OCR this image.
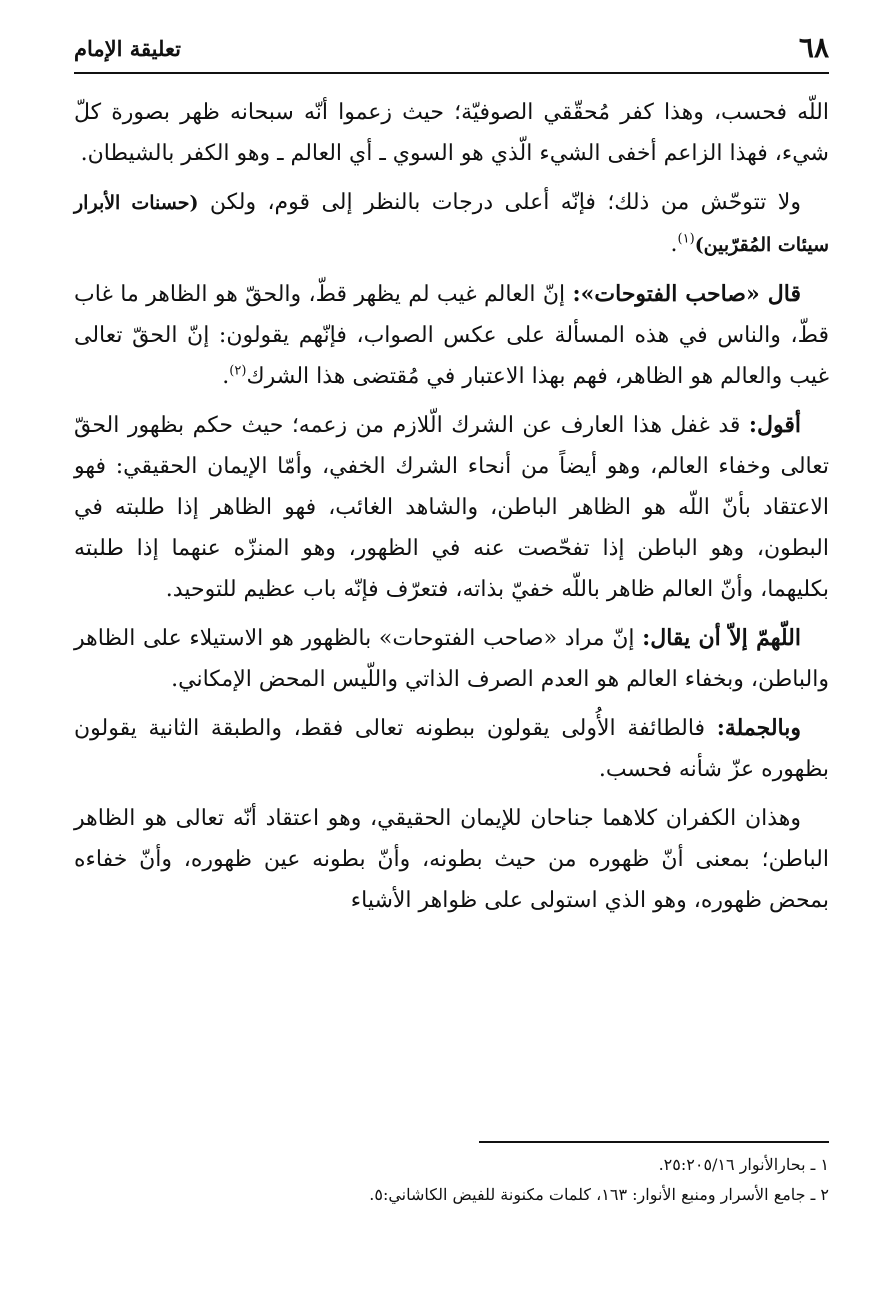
٦٨
تعليقة الإمام

اللّه فحسب، وهذا كفر مُحقّقي الصوفيّة؛ حيث زعموا أنّه سبحانه ظهر بصورة كلّ شيء، فهذا الزاعم أخفى الشيء الّذي هو السوي ـ أي العالم ـ وهو الكفر بالشيطان.

ولا تتوحّش من ذلك؛ فإنّه أعلى درجات بالنظر إلى قوم، ولكن (حسنات الأبرار سيئات المُقرّبين)$^{(١)}$.

قال «صاحب الفتوحات»: إنّ العالم غيب لم يظهر قطّ، والحقّ هو الظاهر ما غاب قطّ، والناس في هذه المسألة على عكس الصواب، فإنّهم يقولون: إنّ الحقّ تعالى غيب والعالم هو الظاهر، فهم بهذا الاعتبار في مُقتضى هذا الشرك$^{(٢)}$.

أقول: قد غفل هذا العارف عن الشرك الّلازم من زعمه؛ حيث حكم بظهور الحقّ تعالى وخفاء العالم، وهو أيضاً من أنحاء الشرك الخفي، وأمّا الإيمان الحقيقي: فهو الاعتقاد بأنّ اللّه هو الظاهر الباطن، والشاهد الغائب، فهو الظاهر إذا طلبته في البطون، وهو الباطن إذا تفحّصت عنه في الظهور، وهو المنزّه عنهما إذا طلبته بكليهما، وأنّ العالم ظاهر باللّه خفيّ بذاته، فتعرّف فإنّه باب عظيم للتوحيد.

اللّهمّ إلاّ أن يقال: إنّ مراد «صاحب الفتوحات» بالظهور هو الاستيلاء على الظاهر والباطن، وبخفاء العالم هو العدم الصرف الذاتي واللّيس المحض الإمكاني.

وبالجملة: فالطائفة الأُولى يقولون ببطونه تعالى فقط، والطبقة الثانية يقولون بظهوره عزّ شأنه فحسب.

وهذان الكفران كلاهما جناحان للإيمان الحقيقي، وهو اعتقاد أنّه تعالى هو الظاهر الباطن؛ بمعنى أنّ ظهوره من حيث بطونه، وأنّ بطونه عين ظهوره، وأنّ خفاءه بمحض ظهوره، وهو الذي استولى على ظواهر الأشياء

١ ـ بحارالأنوار ٢٥:٢٠٥/١٦.
٢ ـ جامع الأسرار ومنبع الأنوار: ١٦٣، كلمات مكنونة للفيض الكاشاني:٥.
